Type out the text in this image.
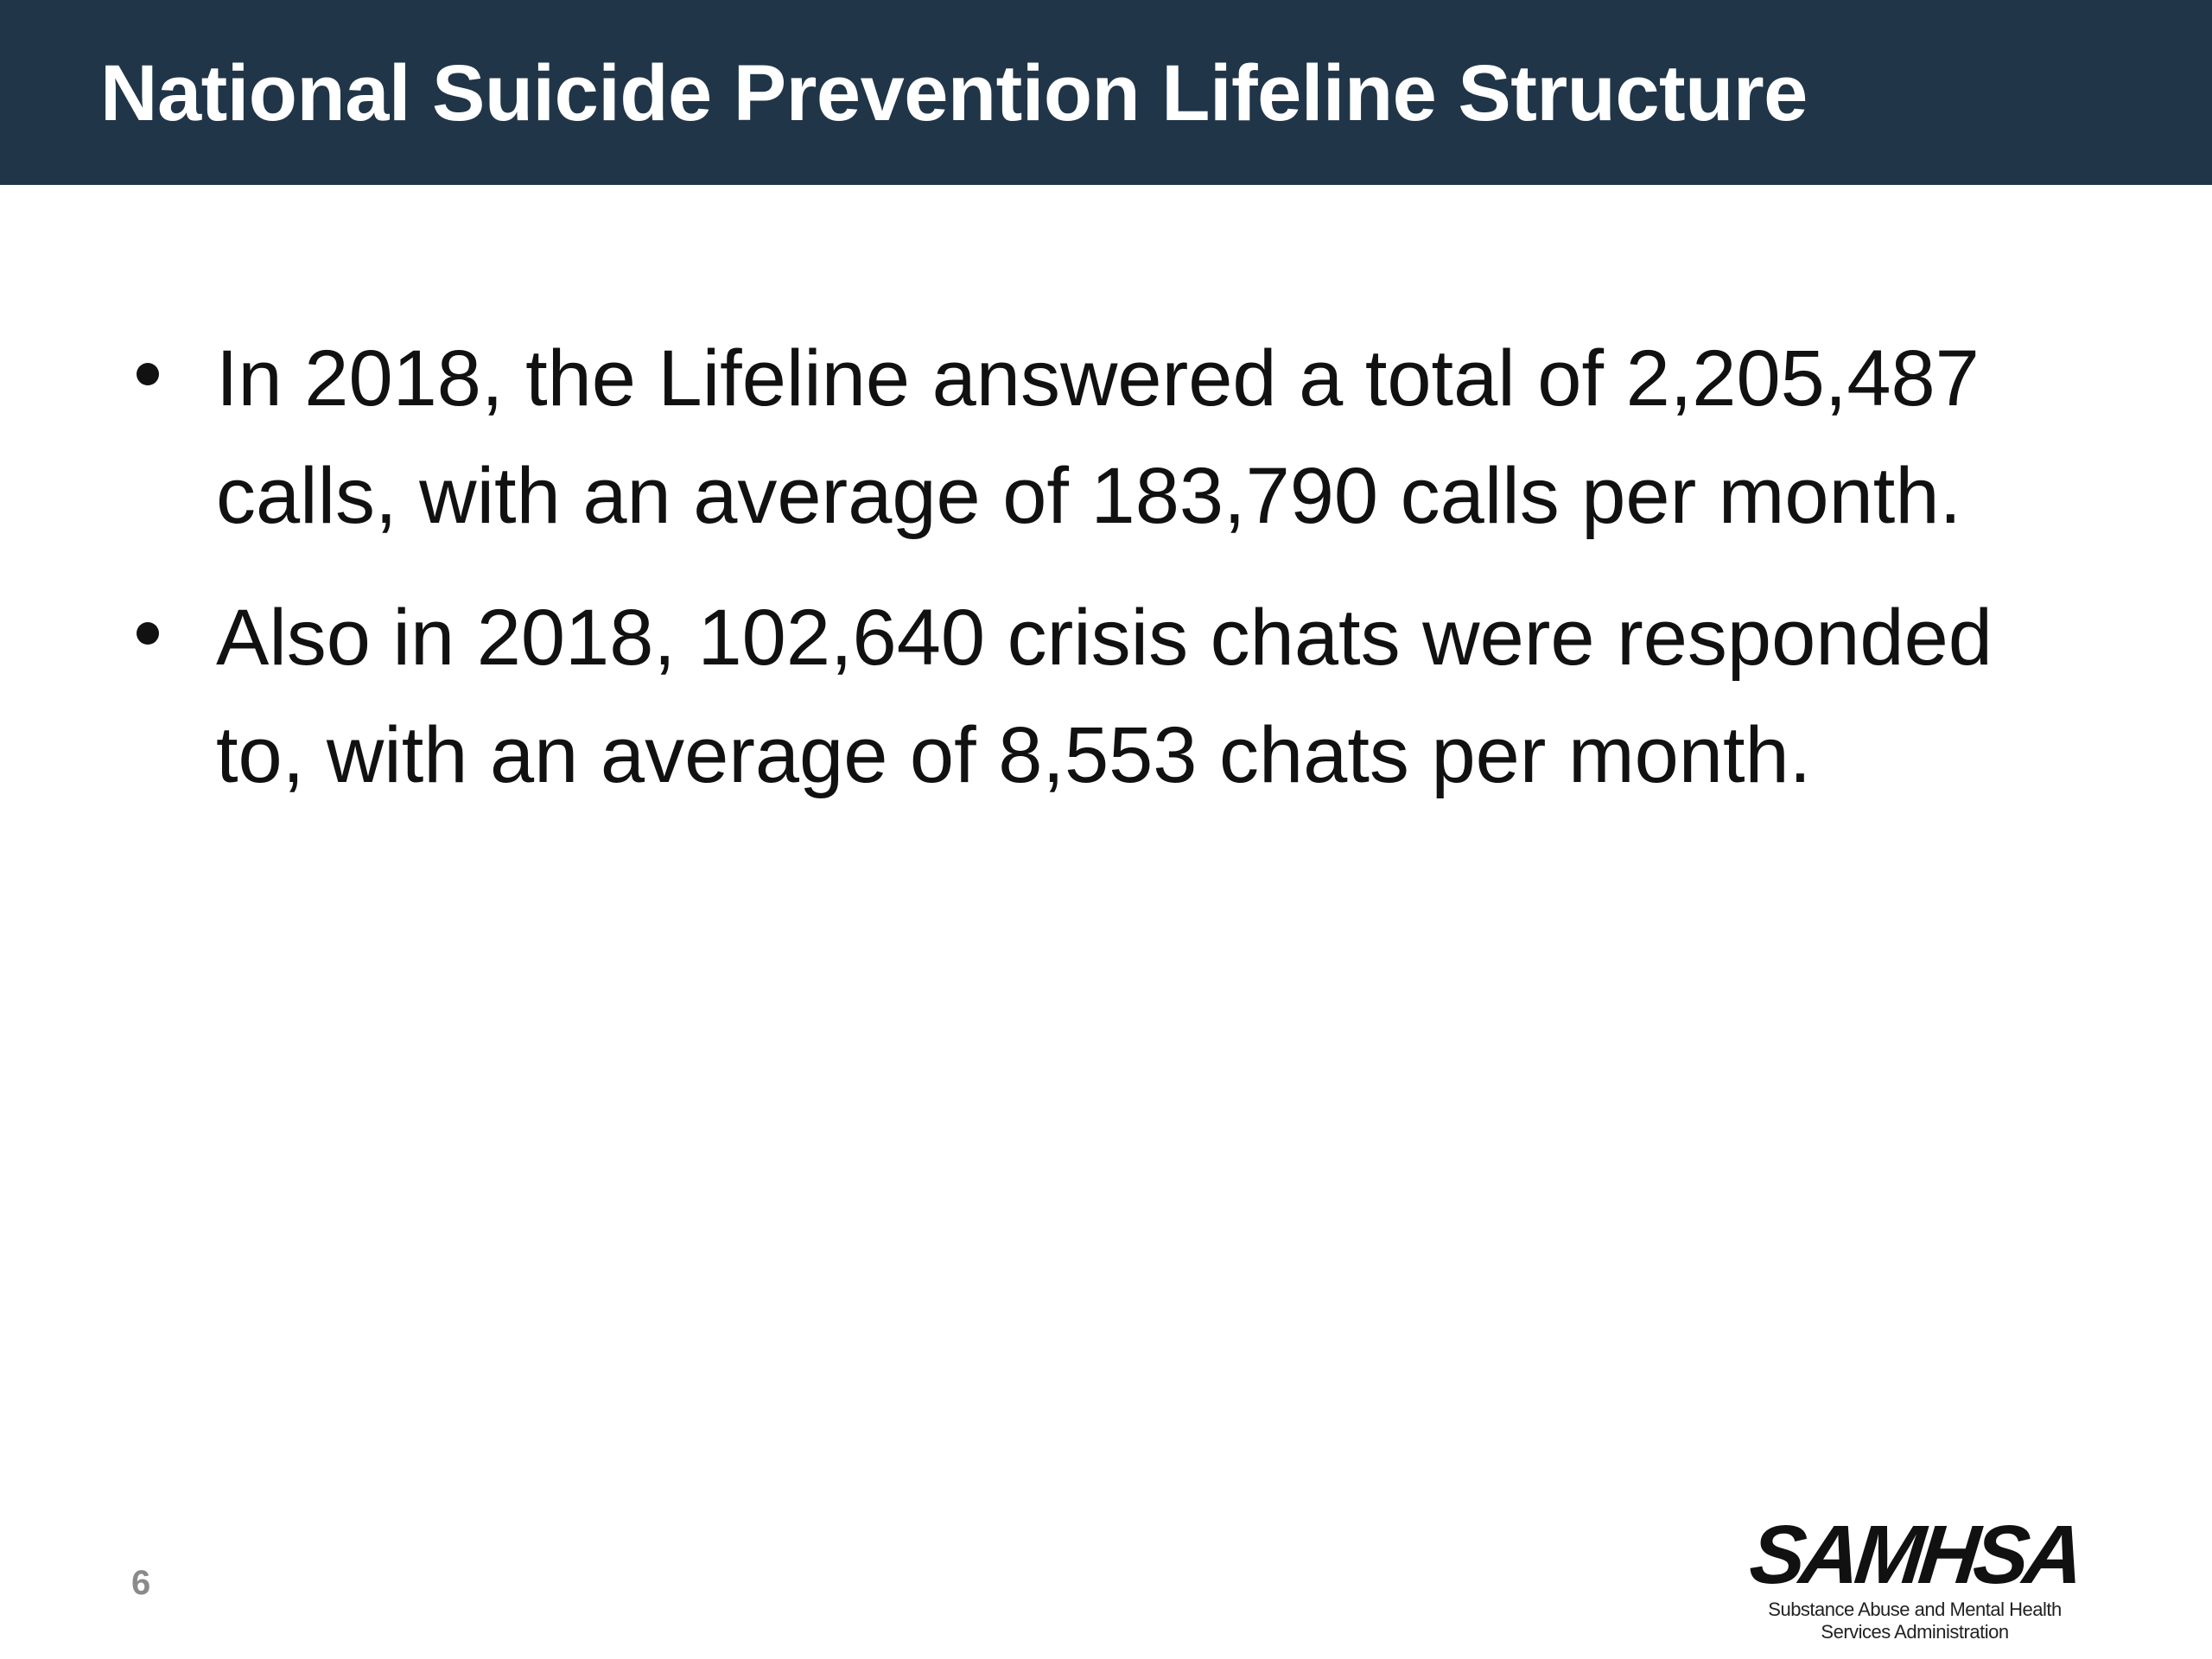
National Suicide Prevention Lifeline Structure
In 2018, the Lifeline answered a total of 2,205,487 calls, with an average of 183,790 calls per month.
Also in 2018, 102,640 crisis chats were responded to, with an average of 8,553 chats per month.
6	SAMHSA
Substance Abuse and Mental Health
Services Administration
